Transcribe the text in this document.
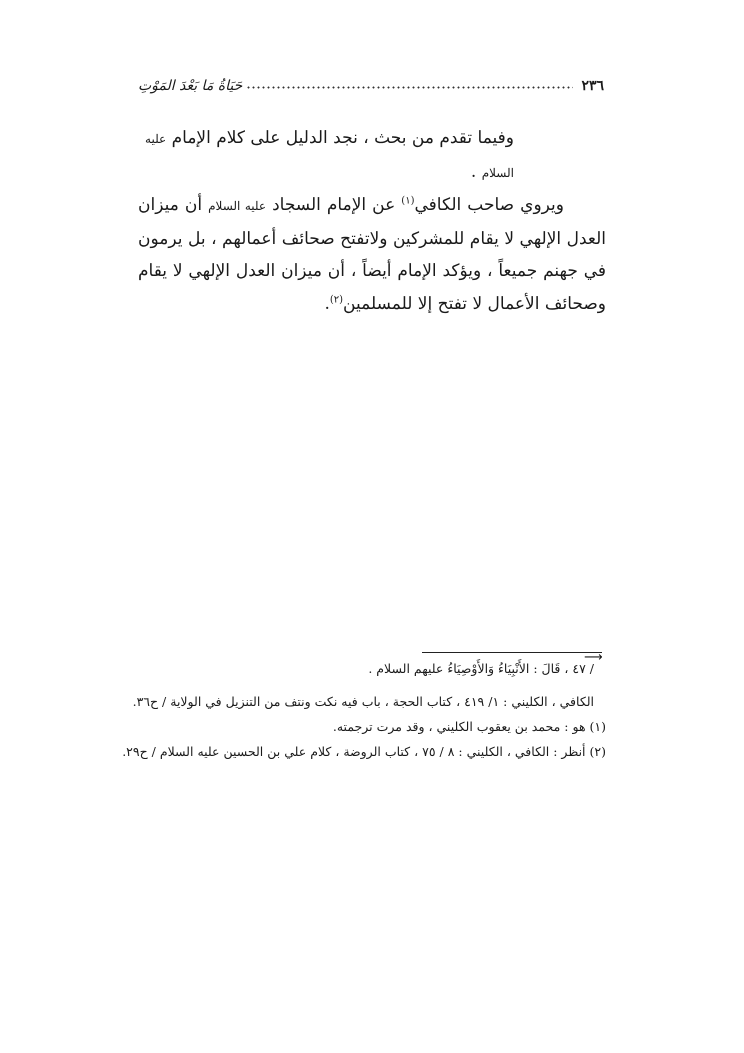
٢٣٦
حَيَاةُ مَا بَعْدَ المَوْتِ

وفيما تقدم من بحث ، نجد الدليل على كلام الإمام عليه السلام .

ويروي صاحب الكافي$^{(١)}$ عن الإمام السجاد عليه السلام أن ميزان العدل الإلهي لا يقام للمشركين ولاتفتح صحائف أعمالهم ، بل يرمون في جهنم جميعاً ، ويؤكد الإمام أيضاً ، أن ميزان العدل الإلهي لا يقام وصحائف الأعمال لا تفتح إلا للمسلمين$^{(٢)}$.

⟶
/ ٤٧ ، قَالَ : الأَنْبِيَاءُ وَالأَوْصِيَاءُ عليهم السلام .
الكافي ، الكليني : ١/ ٤١٩ ، كتاب الحجة ، باب فيه نكت ونتف من التنزيل في الولاية / ح٣٦.
(١) هو : محمد بن يعقوب الكليني ، وقد مرت ترجمته.
(٢) أنظر : الكافي ، الكليني : ٨ / ٧٥ ، كتاب الروضة ، كلام علي بن الحسين عليه السلام / ح٢٩.
